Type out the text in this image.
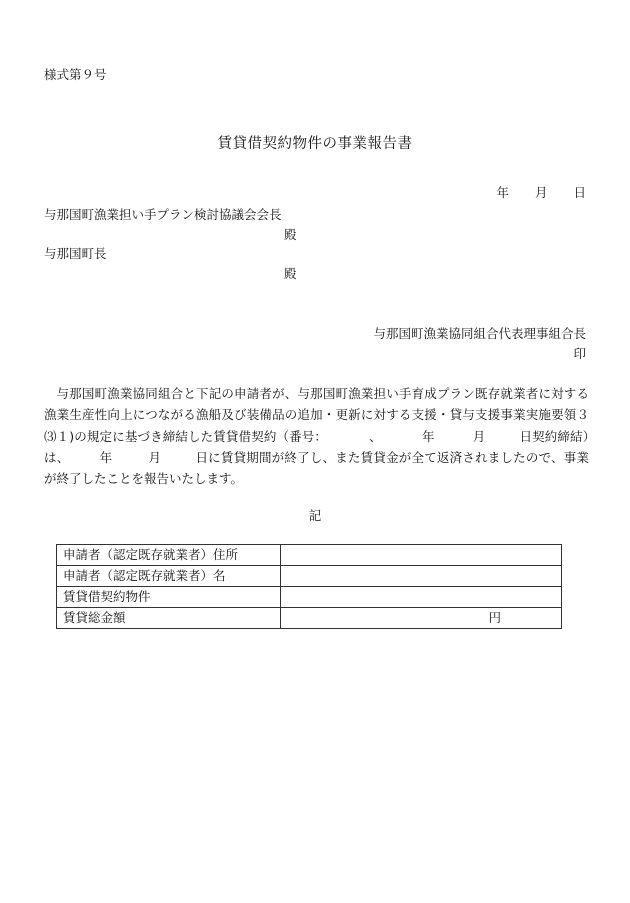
様式第９号
賃貸借契約物件の事業報告書
年 月 日
与那国町漁業担い手プラン検討協議会会長
殿
与那国町長
殿
与那国町漁業協同組合代表理事組合長
印
与那国町漁業協同組合と下記の申請者が、与那国町漁業担い手育成プラン既存就業者に対する漁業生産性向上につながる漁船及び装備品の追加・更新に対する支援・貸与支援事業実施要領３⑶１)の規定に基づき締結した賃貸借契約（番号：	、	年	月	日契約締結）は、 年	月	日に賃貸期間が終了し、また賃貸金が全て返済されましたので、事業が終了したことを報告いたします。
記
申請者（認定既存就業者）住所	
申請者（認定既存就業者）名	
賃貸借契約物件	
賃貸総金額	円
